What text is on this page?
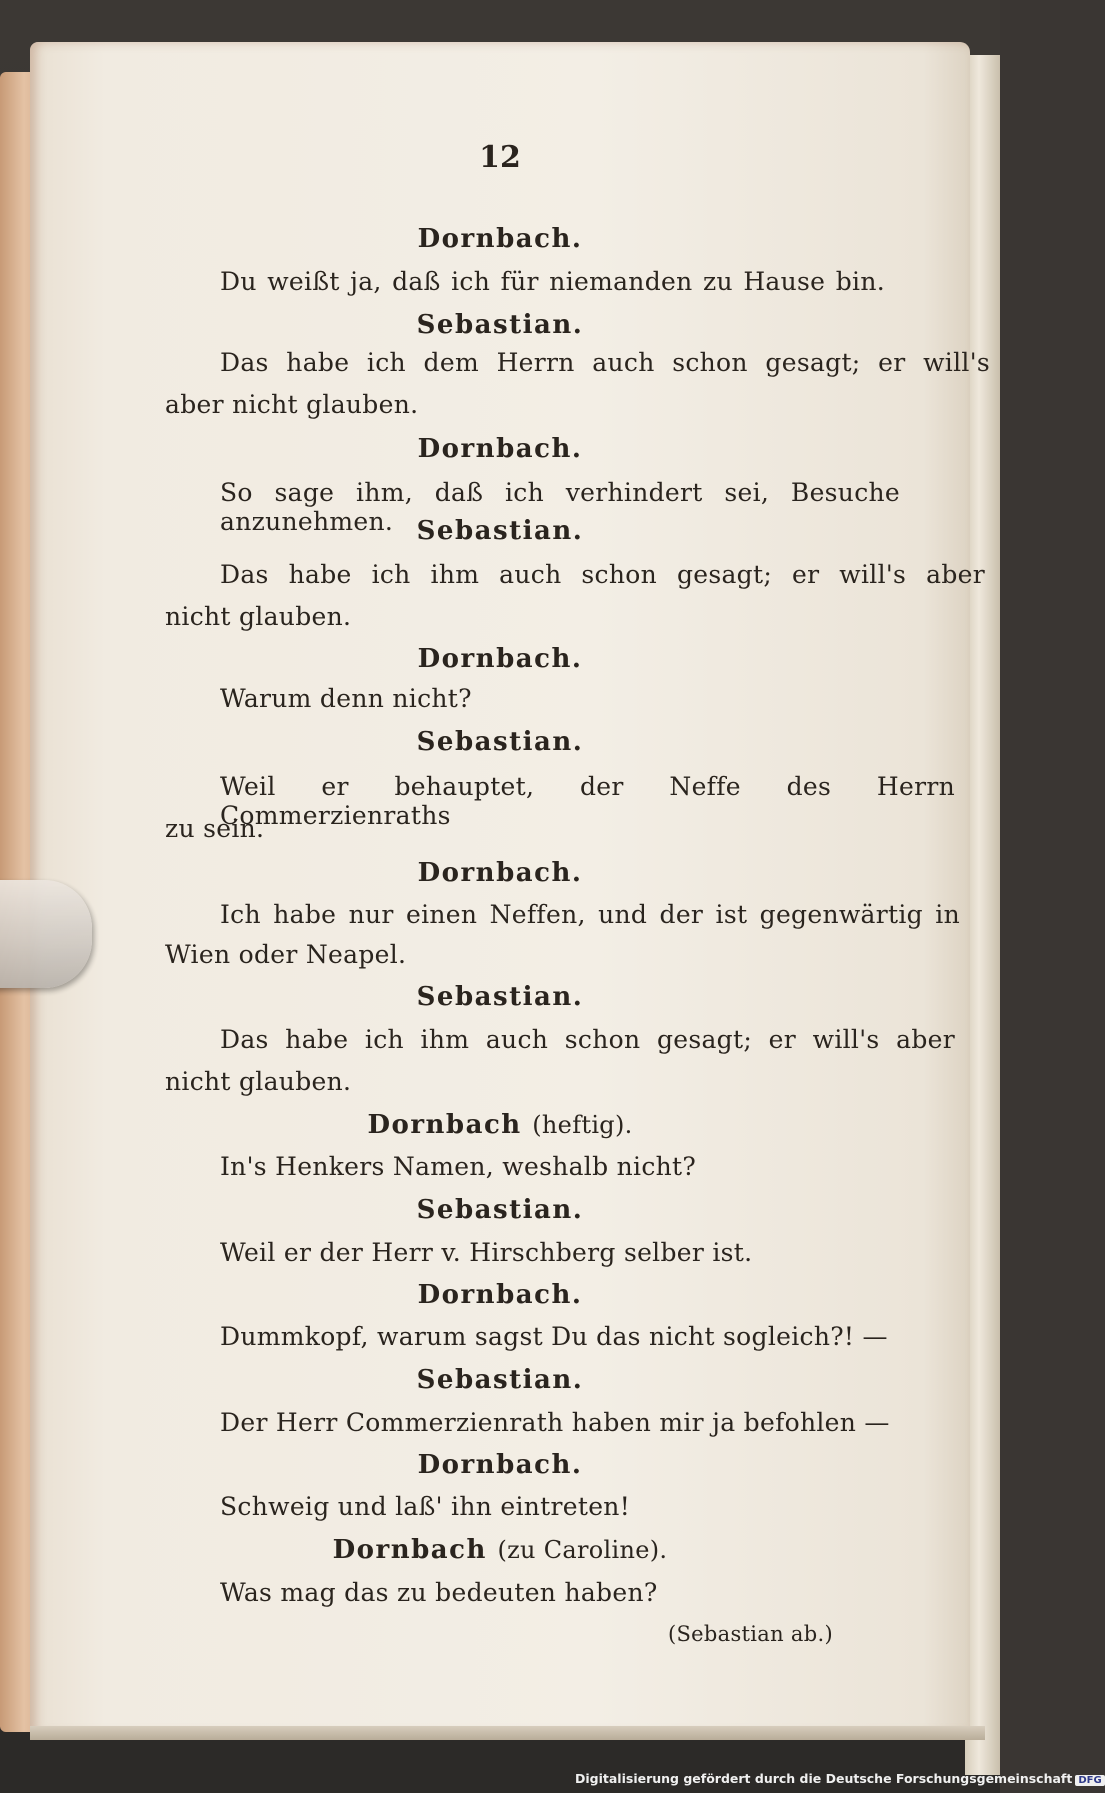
12

Dornbach.

Du weißt ja, daß ich für niemanden zu Hause bin.

Sebastian.

Das habe ich dem Herrn auch schon gesagt; er will's

aber nicht glauben.

Dornbach.

So sage ihm, daß ich verhindert sei, Besuche anzunehmen. Sebastian.

Das habe ich ihm auch schon gesagt; er will's aber

nicht glauben.

Dornbach.

Warum denn nicht?

Sebastian.

Weil er behauptet, der Neffe des Herrn Commerzienraths

zu sein.

Dornbach.

Ich habe nur einen Neffen, und der ist gegenwärtig in

Wien oder Neapel.

Sebastian.

Das habe ich ihm auch schon gesagt; er will's aber

nicht glauben.

Dornbach (heftig).

In's Henkers Namen, weshalb nicht?

Sebastian.

Weil er der Herr v. Hirschberg selber ist.

Dornbach.

Dummkopf, warum sagst Du das nicht sogleich?! —

Sebastian.

Der Herr Commerzienrath haben mir ja befohlen —

Dornbach.

Schweig und laß' ihn eintreten!

Dornbach (zu Caroline).

Was mag das zu bedeuten haben?

(Sebastian ab.)

Digitalisierung gefördert durch die Deutsche Forschungsgemeinschaft DFG
